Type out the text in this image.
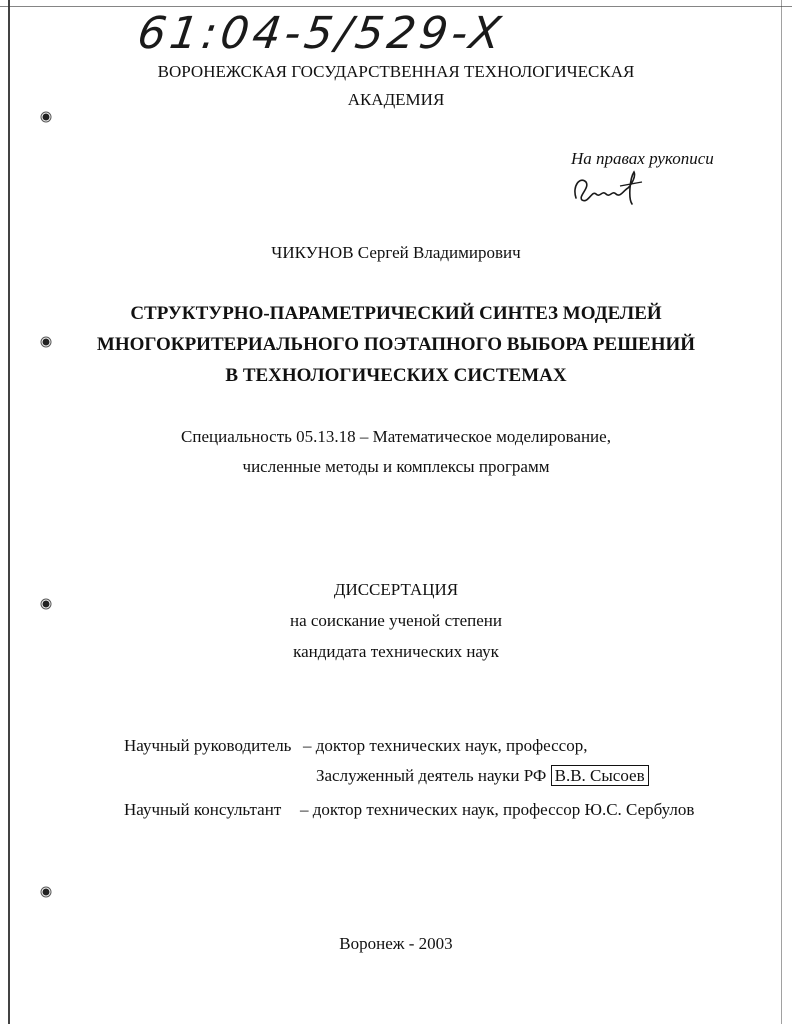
61:04-5/529-X
ВОРОНЕЖСКАЯ ГОСУДАРСТВЕННАЯ ТЕХНОЛОГИЧЕСКАЯ
АКАДЕМИЯ
На правах рукописи
ЧИКУНОВ Сергей Владимирович
СТРУКТУРНО-ПАРАМЕТРИЧЕСКИЙ СИНТЕЗ МОДЕЛЕЙ
МНОГОКРИТЕРИАЛЬНОГО ПОЭТАПНОГО ВЫБОРА РЕШЕНИЙ
В ТЕХНОЛОГИЧЕСКИХ СИСТЕМАХ
Специальность 05.13.18 – Математическое моделирование,
численные методы и комплексы программ
ДИССЕРТАЦИЯ
на соискание ученой степени
кандидата технических наук
Научный руководитель – доктор технических наук, профессор,
Заслуженный деятель науки РФ В.В. Сысоев
Научный консультант – доктор технических наук, профессор Ю.С. Сербулов
Воронеж - 2003
